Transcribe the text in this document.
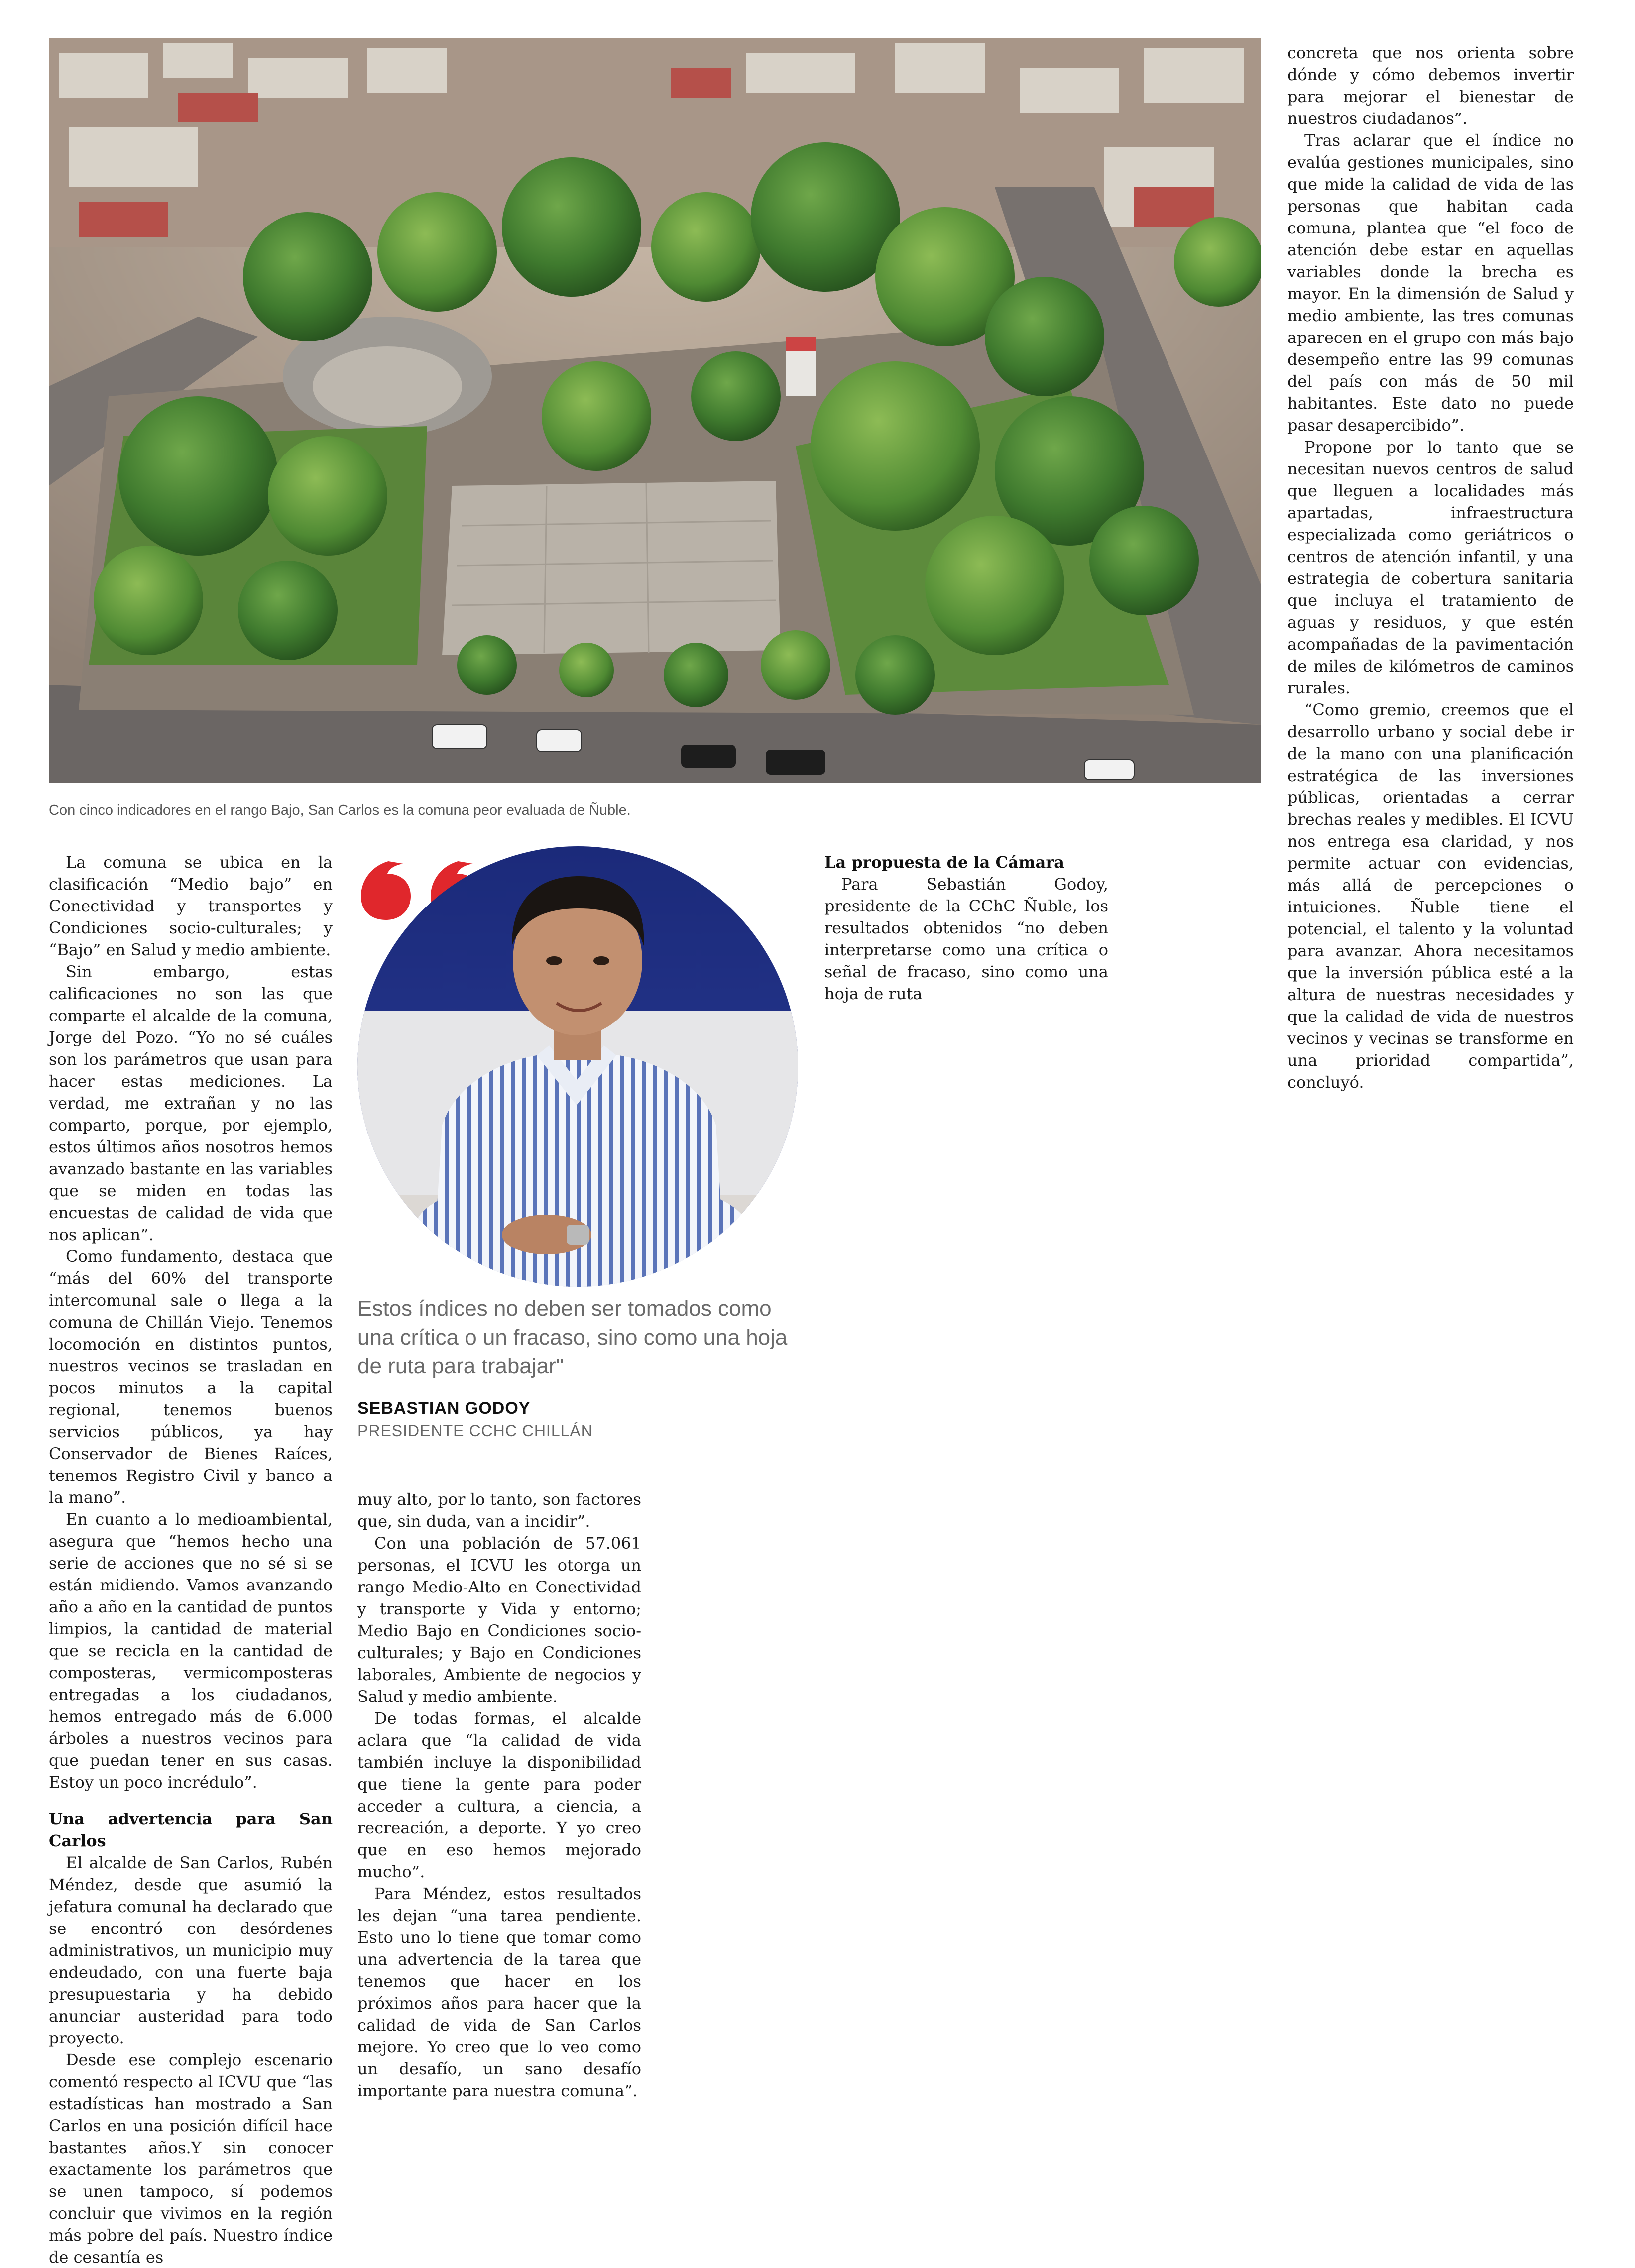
Con cinco indicadores en el rango Bajo, San Carlos es la comuna peor evaluada de Ñuble.
Estos índices no deben ser tomados como una crítica o un fracaso, sino como una hoja de ruta para trabajar"
SEBASTIAN GODOY
PRESIDENTE CCHC CHILLÁN

La comuna se ubica en la clasificación “Medio bajo” en Conectividad y transportes y Condiciones socio-culturales; y “Bajo” en Salud y medio ambiente.

Sin embargo, estas calificaciones no son las que comparte el alcalde de la comuna, Jorge del Pozo. “Yo no sé cuáles son los parámetros que usan para hacer estas mediciones. La verdad, me extrañan y no las comparto, porque, por ejemplo, estos últimos años nosotros hemos avanzado bastante en las variables que se miden en todas las encuestas de calidad de vida que nos aplican”.

Como fundamento, destaca que “más del 60% del transporte intercomunal sale o llega a la comuna de Chillán Viejo. Tenemos locomoción en distintos puntos, nuestros vecinos se trasladan en pocos minutos a la capital regional, tenemos buenos servicios públicos, ya hay Conservador de Bienes Raíces, tenemos Registro Civil y banco a la mano”.

En cuanto a lo medioambiental, asegura que “hemos hecho una serie de acciones que no sé si se están midiendo. Vamos avanzando año a año en la cantidad de puntos limpios, la cantidad de material que se recicla en la cantidad de composteras, vermicomposteras entregadas a los ciudadanos, hemos entregado más de 6.000 árboles a nuestros vecinos para que puedan tener en sus casas. Estoy un poco incrédulo”.

Una advertencia para San Carlos

El alcalde de San Carlos, Rubén Méndez, desde que asumió la jefatura comunal ha declarado que se encontró con desórdenes administrativos, un municipio muy endeudado, con una fuerte baja presupuestaria y ha debido anunciar austeridad para todo proyecto.

Desde ese complejo escenario comentó respecto al ICVU que “las estadísticas han mostrado a San Carlos en una posición difícil hace bastantes años.Y sin conocer exactamente los parámetros que se unen tampoco, sí podemos concluir que vivimos en la región más pobre del país. Nuestro índice de cesantía es

muy alto, por lo tanto, son factores que, sin duda, van a incidir”.

Con una población de 57.061 personas, el ICVU les otorga un rango Medio-Alto en Conectividad y transporte y Vida y entorno; Medio Bajo en Condiciones socio-culturales; y Bajo en Condiciones laborales, Ambiente de negocios y Salud y medio ambiente.

De todas formas, el alcalde aclara que “la calidad de vida también incluye la disponibilidad que tiene la gente para poder acceder a cultura, a ciencia, a recreación, a deporte. Y yo creo que en eso hemos mejorado mucho”.

Para Méndez, estos resultados les dejan “una tarea pendiente. Esto uno lo tiene que tomar como una advertencia de la tarea que tenemos que hacer en los próximos años para hacer que la calidad de vida de San Carlos mejore. Yo creo que lo veo como un desafío, un sano desafío importante para nuestra comuna”.

La propuesta de la Cámara

Para Sebastián Godoy, presidente de la CChC Ñuble, los resultados obtenidos “no deben interpretarse como una crítica o señal de fracaso, sino como una hoja de ruta

concreta que nos orienta sobre dónde y cómo debemos invertir para mejorar el bienestar de nuestros ciudadanos”.

Tras aclarar que el índice no evalúa gestiones municipales, sino que mide la calidad de vida de las personas que habitan cada comuna, plantea que “el foco de atención debe estar en aquellas variables donde la brecha es mayor. En la dimensión de Salud y medio ambiente, las tres comunas aparecen en el grupo con más bajo desempeño entre las 99 comunas del país con más de 50 mil habitantes. Este dato no puede pasar desapercibido”.

Propone por lo tanto que se necesitan nuevos centros de salud que lleguen a localidades más apartadas, infraestructura especializada como geriátricos o centros de atención infantil, y una estrategia de cobertura sanitaria que incluya el tratamiento de aguas y residuos, y que estén acompañadas de la pavimentación de miles de kilómetros de caminos rurales.

“Como gremio, creemos que el desarrollo urbano y social debe ir de la mano con una planificación estratégica de las inversiones públicas, orientadas a cerrar brechas reales y medibles. El ICVU nos entrega esa claridad, y nos permite actuar con evidencias, más allá de percepciones o intuiciones. Ñuble tiene el potencial, el talento y la voluntad para avanzar. Ahora necesitamos que la inversión pública esté a la altura de nuestras necesidades y que la calidad de vida de nuestros vecinos y vecinas se transforme en una prioridad compartida”, concluyó.
